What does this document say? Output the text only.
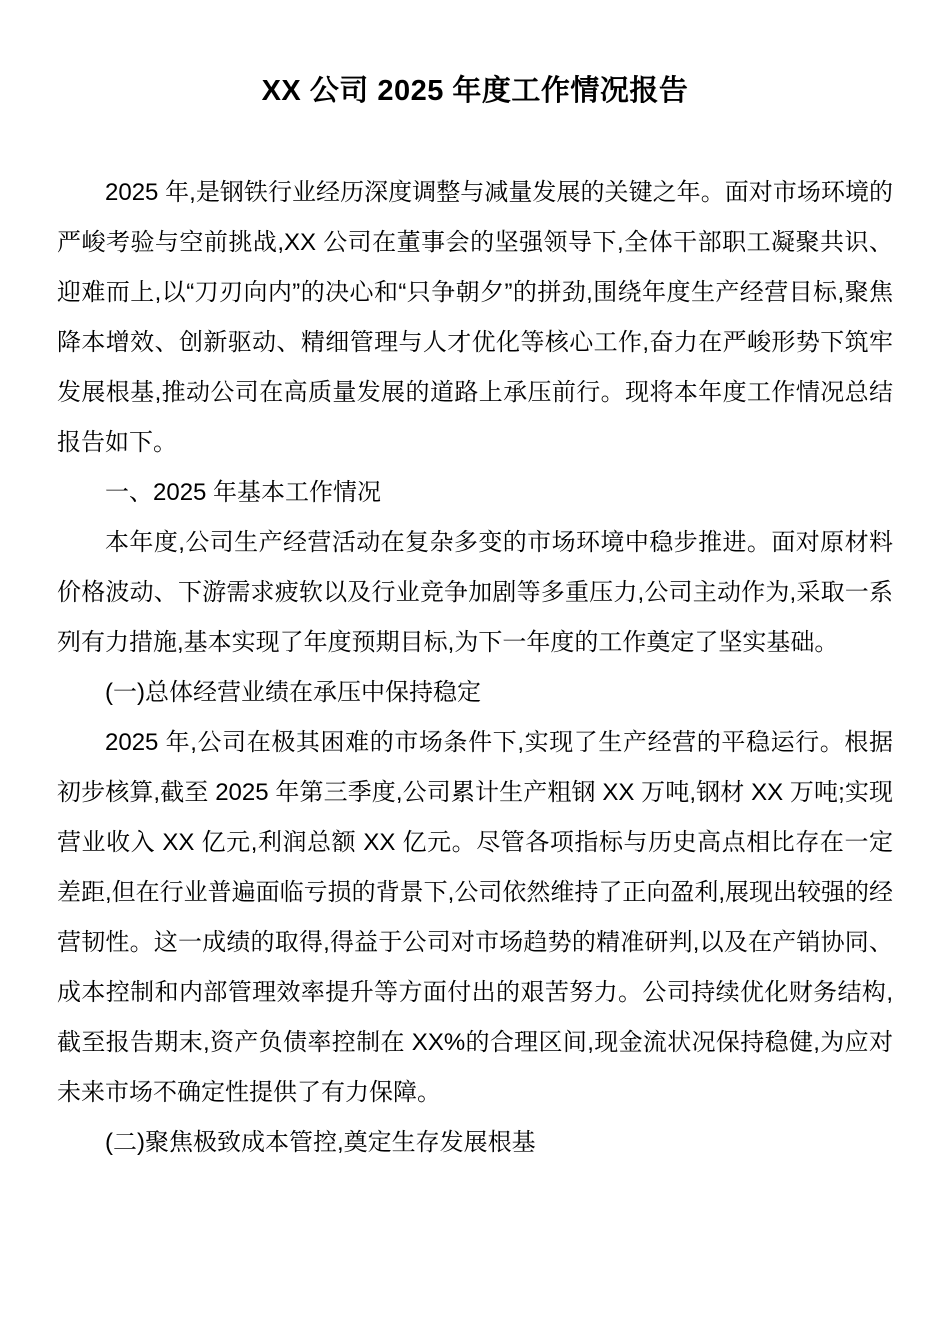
XX 公司 2025 年度工作情况报告

2025 年,是钢铁行业经历深度调整与减量发展的关键之年。面对市场环境的严峻考验与空前挑战,XX 公司在董事会的坚强领导下,全体干部职工凝聚共识、迎难而上,以“刀刃向内”的决心和“只争朝夕”的拼劲,围绕年度生产经营目标,聚焦降本增效、创新驱动、精细管理与人才优化等核心工作,奋力在严峻形势下筑牢发展根基,推动公司在高质量发展的道路上承压前行。现将本年度工作情况总结报告如下。

一、2025 年基本工作情况

本年度,公司生产经营活动在复杂多变的市场环境中稳步推进。面对原材料价格波动、下游需求疲软以及行业竞争加剧等多重压力,公司主动作为,采取一系列有力措施,基本实现了年度预期目标,为下一年度的工作奠定了坚实基础。

(一)总体经营业绩在承压中保持稳定

2025 年,公司在极其困难的市场条件下,实现了生产经营的平稳运行。根据初步核算,截至 2025 年第三季度,公司累计生产粗钢 XX 万吨,钢材 XX 万吨;实现营业收入 XX 亿元,利润总额 XX 亿元。尽管各项指标与历史高点相比存在一定差距,但在行业普遍面临亏损的背景下,公司依然维持了正向盈利,展现出较强的经营韧性。这一成绩的取得,得益于公司对市场趋势的精准研判,以及在产销协同、成本控制和内部管理效率提升等方面付出的艰苦努力。公司持续优化财务结构,截至报告期末,资产负债率控制在 XX%的合理区间,现金流状况保持稳健,为应对未来市场不确定性提供了有力保障。

(二)聚焦极致成本管控,奠定生存发展根基
